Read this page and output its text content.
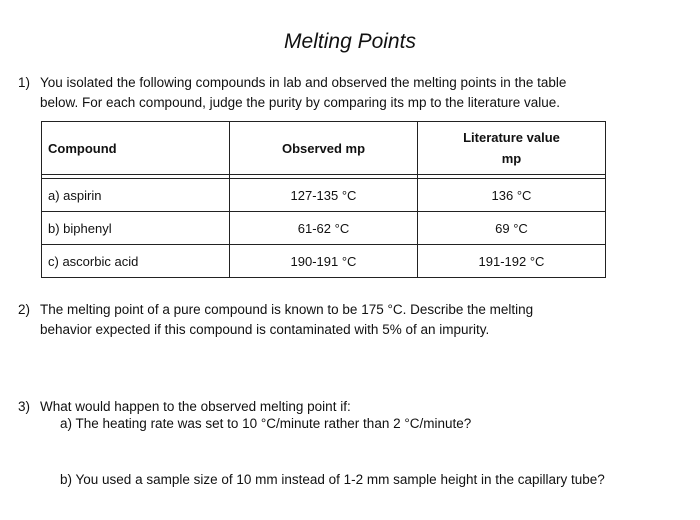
Melting Points
1) You isolated the following compounds in lab and observed the melting points in the table
below. For each compound, judge the purity by comparing its mp to the literature value.
Compound	Observed mp	Literature value
mp

a) aspirin	127-135 °C	136 °C
b) biphenyl	61-62 °C	69 °C
c) ascorbic acid	190-191 °C	191-192 °C
2) The melting point of a pure compound is known to be 175 °C. Describe the melting
behavior expected if this compound is contaminated with 5% of an impurity.
3) What would happen to the observed melting point if:
a) The heating rate was set to 10 °C/minute rather than 2 °C/minute?
b) You used a sample size of 10 mm instead of 1-2 mm sample height in the capillary tube?
